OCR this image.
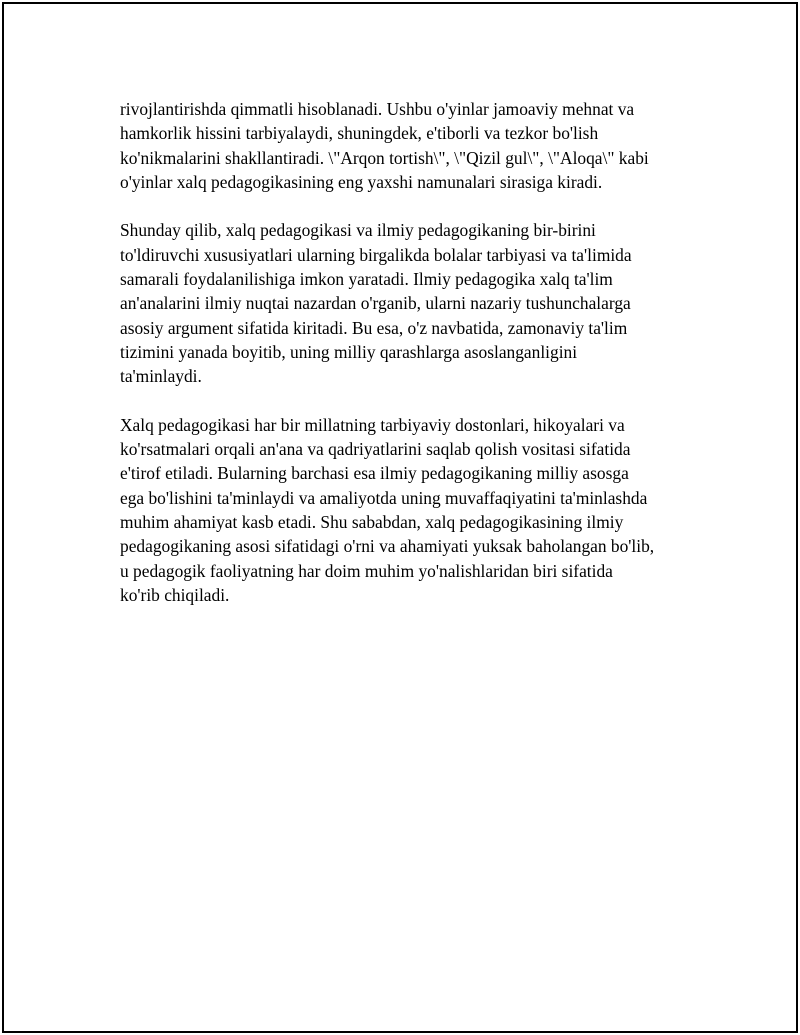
rivojlantirishda qimmatli hisoblanadi. Ushbu o'yinlar jamoaviy mehnat va
hamkorlik hissini tarbiyalaydi, shuningdek, e'tiborli va tezkor bo'lish
ko'nikmalarini shakllantiradi. \"Arqon tortish\", \"Qizil gul\", \"Aloqa\" kabi
o'yinlar xalq pedagogikasining eng yaxshi namunalari sirasiga kiradi.

Shunday qilib, xalq pedagogikasi va ilmiy pedagogikaning bir-birini
to'ldiruvchi xususiyatlari ularning birgalikda bolalar tarbiyasi va ta'limida
samarali foydalanilishiga imkon yaratadi. Ilmiy pedagogika xalq ta'lim
an'analarini ilmiy nuqtai nazardan o'rganib, ularni nazariy tushunchalarga
asosiy argument sifatida kiritadi. Bu esa, o'z navbatida, zamonaviy ta'lim
tizimini yanada boyitib, uning milliy qarashlarga asoslanganligini
ta'minlaydi.

Xalq pedagogikasi har bir millatning tarbiyaviy dostonlari, hikoyalari va
ko'rsatmalari orqali an'ana va qadriyatlarini saqlab qolish vositasi sifatida
e'tirof etiladi. Bularning barchasi esa ilmiy pedagogikaning milliy asosga
ega bo'lishini ta'minlaydi va amaliyotda uning muvaffaqiyatini ta'minlashda
muhim ahamiyat kasb etadi. Shu sababdan, xalq pedagogikasining ilmiy
pedagogikaning asosi sifatidagi o'rni va ahamiyati yuksak baholangan bo'lib,
u pedagogik faoliyatning har doim muhim yo'nalishlaridan biri sifatida
ko'rib chiqiladi.
